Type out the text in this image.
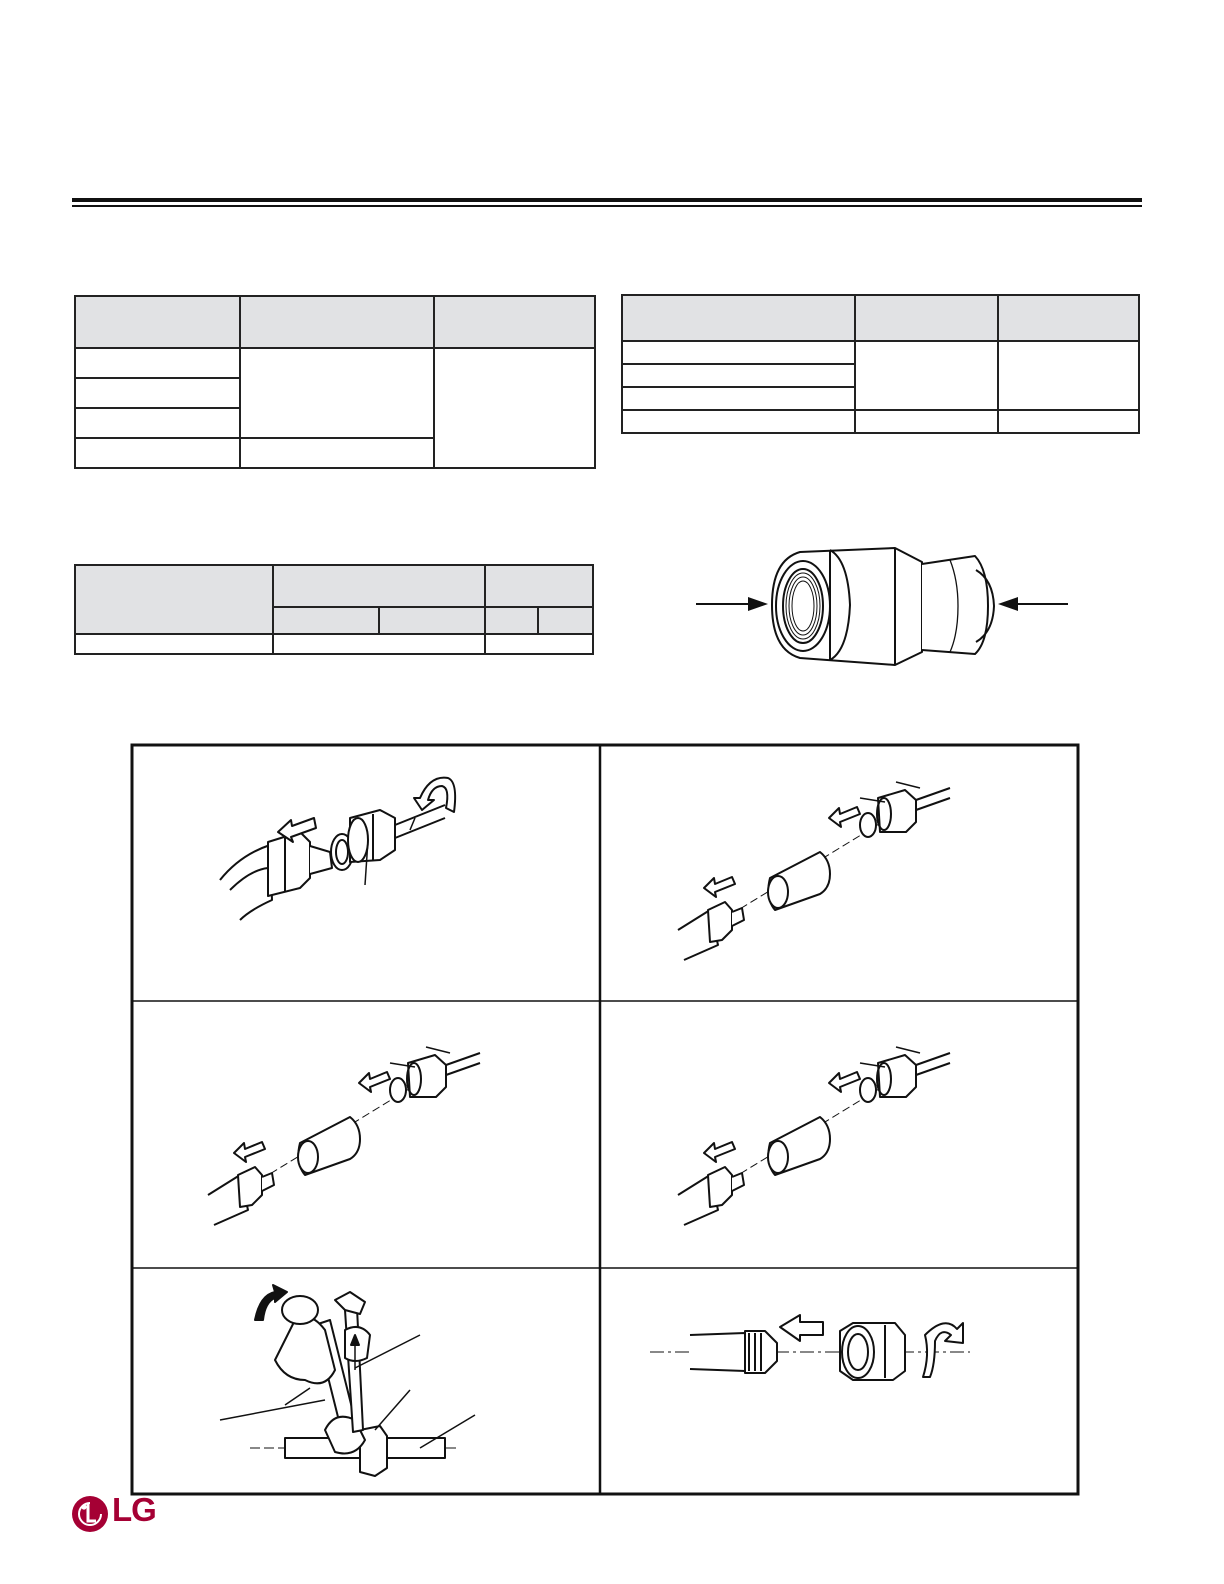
LG
